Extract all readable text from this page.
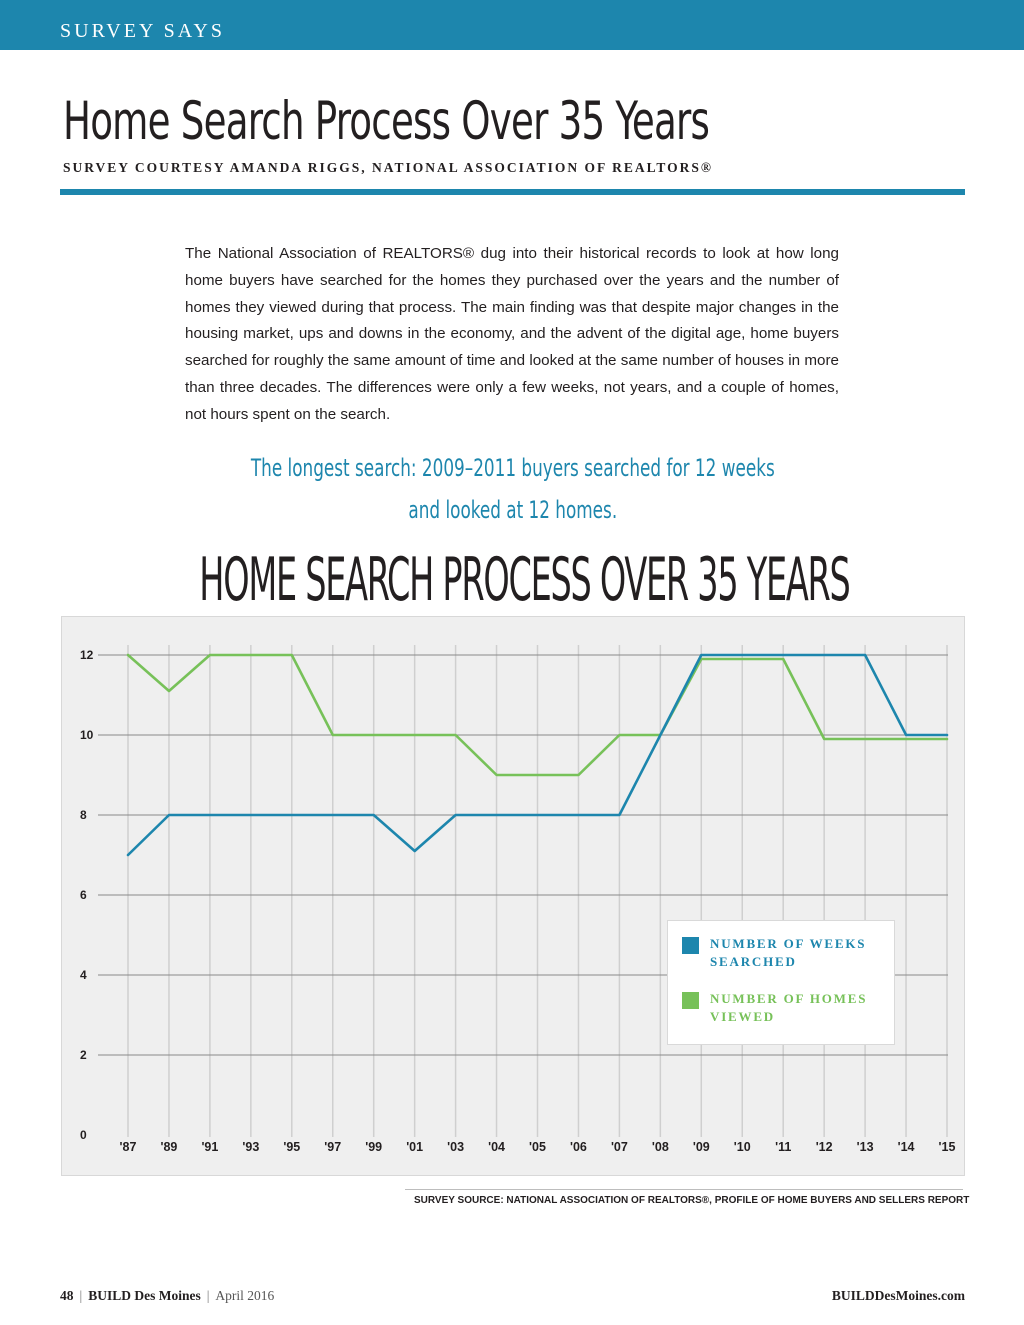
SURVEY SAYS
Home Search Process Over 35 Years
SURVEY COURTESY AMANDA RIGGS, NATIONAL ASSOCIATION OF REALTORS®
The National Association of REALTORS® dug into their historical records to look at how long home buyers have searched for the homes they purchased over the years and the number of homes they viewed during that process. The main finding was that despite major changes in the housing market, ups and downs in the economy, and the advent of the digital age, home buyers searched for roughly the same amount of time and looked at the same number of houses in more than three decades. The differences were only a few weeks, not years, and a couple of homes, not hours spent on the search.
The longest search: 2009–2011 buyers searched for 12 weeks
and looked at 12 homes.
HOME SEARCH PROCESS OVER 35 YEARS
0
2
4
6
8
10
12
'87 '89 '91 '93 '95 '97 '99 '01 '03 '04 '05 '06 '07 '08 '09 '10 '11 '12 '13 '14 '15
NUMBER OF WEEKS SEARCHED
NUMBER OF HOMES VIEWED
SURVEY SOURCE: NATIONAL ASSOCIATION OF REALTORS®, PROFILE OF HOME BUYERS AND SELLERS REPORT
48 | BUILD Des Moines | April 2016	BUILDDesMoines.com
